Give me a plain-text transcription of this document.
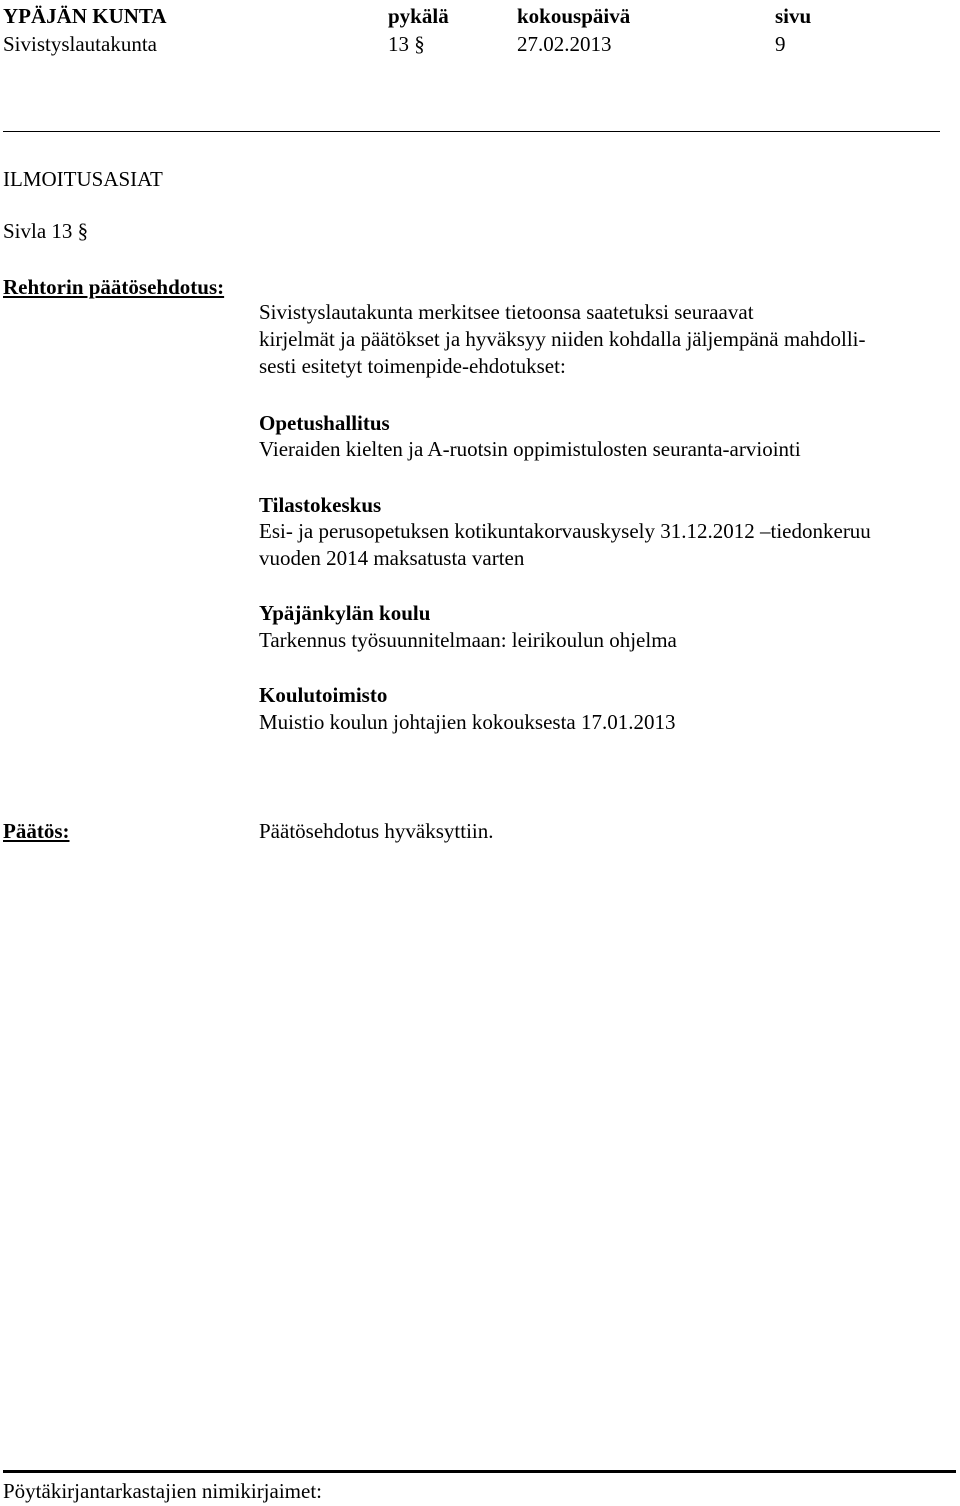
YPÄJÄN KUNTA
Sivistyslautakunta
pykälä
13 §
kokouspäivä
27.02.2013
sivu
9
ILMOITUSASIAT
Sivla 13 §
Rehtorin päätösehdotus:
Sivistyslautakunta merkitsee tietoonsa saatetuksi seuraavat
kirjelmät ja päätökset ja hyväksyy niiden kohdalla jäljempänä mahdolli-
sesti esitetyt toimenpide-ehdotukset:
Opetushallitus
Vieraiden kielten ja A-ruotsin oppimistulosten seuranta-arviointi
Tilastokeskus
Esi- ja perusopetuksen kotikuntakorvauskysely 31.12.2012 –tiedonkeruu
vuoden 2014 maksatusta varten
Ypäjänkylän koulu
Tarkennus työsuunnitelmaan: leirikoulun ohjelma
Koulutoimisto
Muistio koulun johtajien kokouksesta 17.01.2013
Päätös:	Päätösehdotus hyväksyttiin.
Pöytäkirjantarkastajien nimikirjaimet:
